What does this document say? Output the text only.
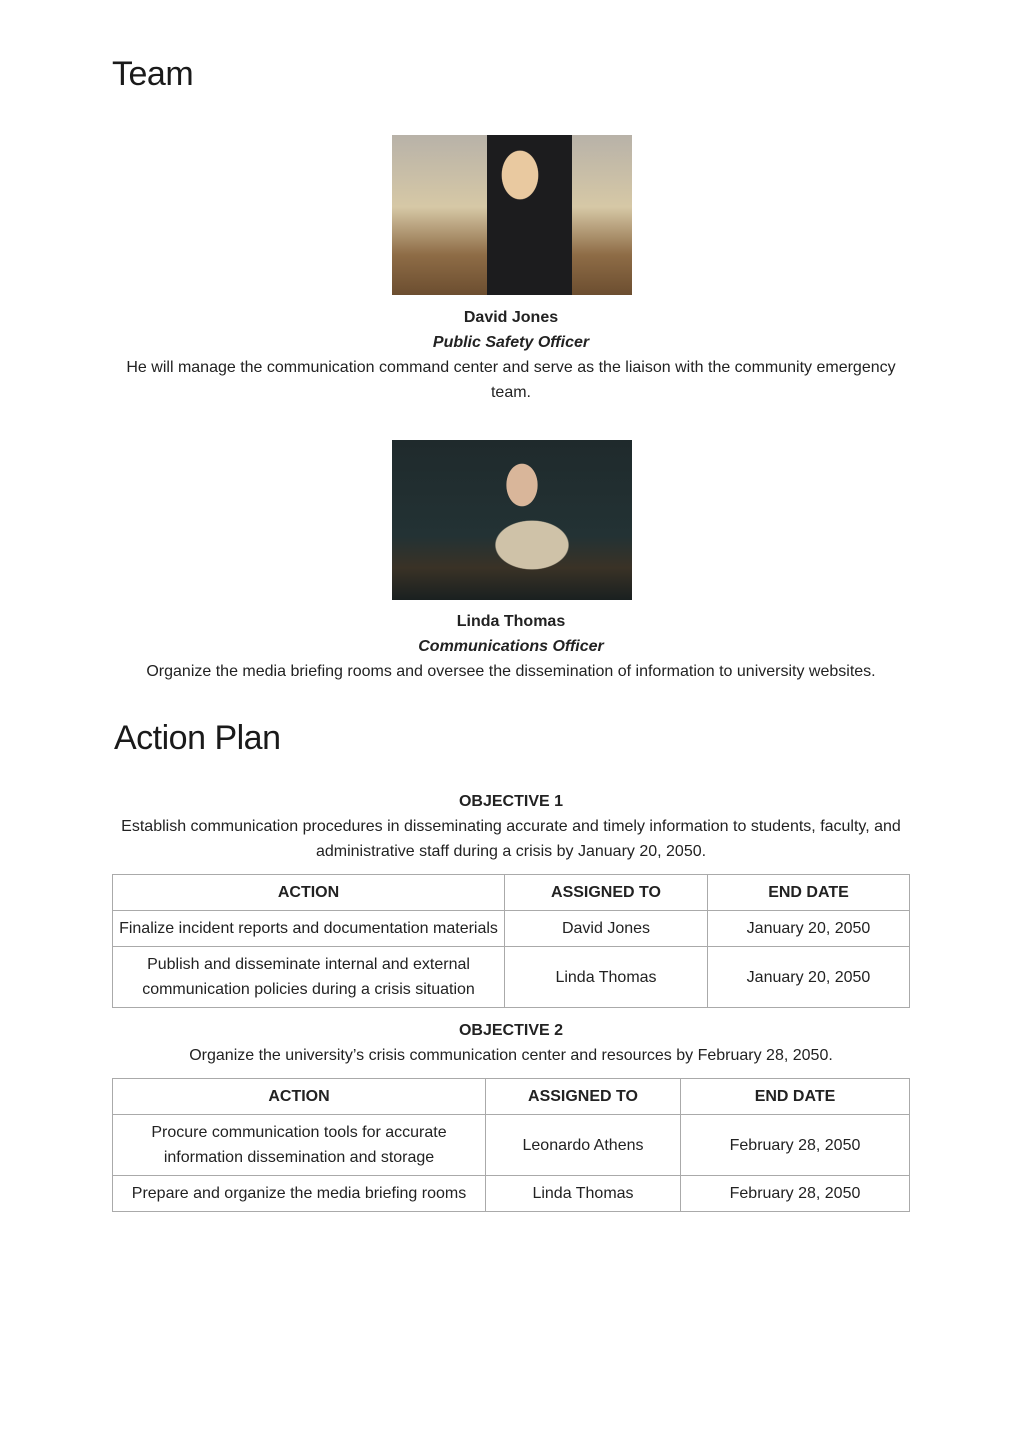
Team
David Jones
Public Safety Officer
He will manage the communication command center and serve as the liaison with the community emergency team.
Linda Thomas
Communications Officer
Organize the media briefing rooms and oversee the dissemination of information to university websites.
Action Plan
OBJECTIVE 1
Establish communication procedures in disseminating accurate and timely information to students, faculty, and administrative staff during a crisis by January 20, 2050.
ACTION	ASSIGNED TO	END DATE
Finalize incident reports and documentation materials	David Jones	January 20, 2050
Publish and disseminate internal and external communication policies during a crisis situation	Linda Thomas	January 20, 2050
OBJECTIVE 2
Organize the university’s crisis communication center and resources by February 28, 2050.
ACTION	ASSIGNED TO	END DATE
Procure communication tools for accurate information dissemination and storage	Leonardo Athens	February 28, 2050
Prepare and organize the media briefing rooms	Linda Thomas	February 28, 2050
